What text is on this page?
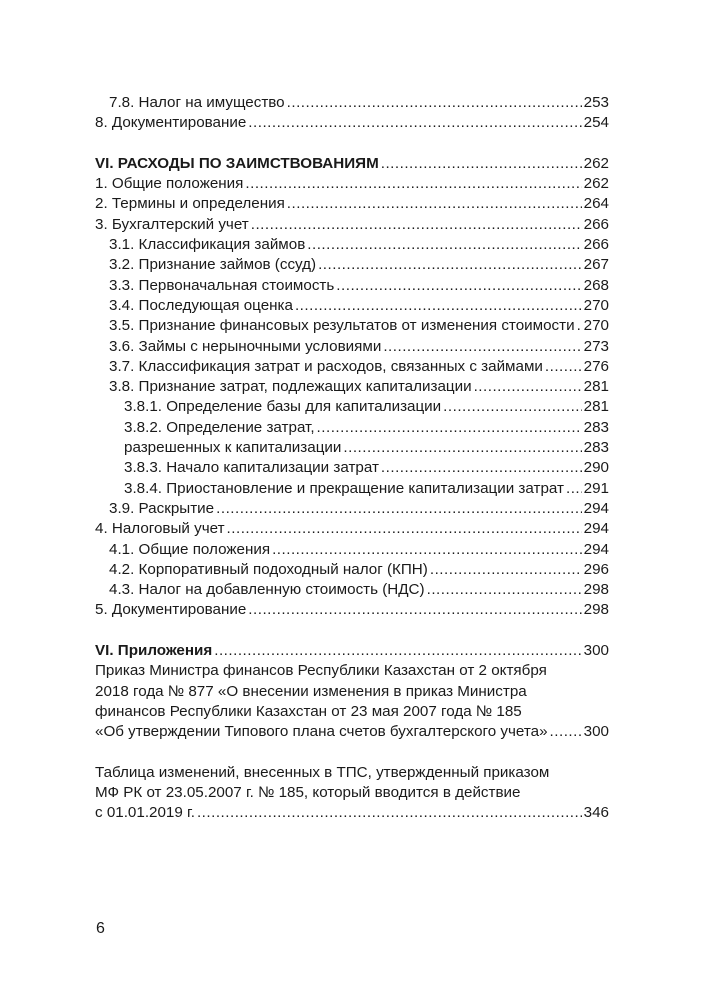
7.8. Налог на имущество .....	253
8. Документирование .....	254
VI. РАСХОДЫ ПО ЗАИМСТВОВАНИЯМ .....	262
1. Общие положения .....	262
2. Термины и определения .....	264
3. Бухгалтерский учет .....	266
3.1. Классификация займов .....	266
3.2. Признание займов (ссуд) .....	267
3.3. Первоначальная стоимость .....	268
3.4. Последующая оценка .....	270
3.5. Признание финансовых результатов от изменения стоимости ..... 270
3.6. Займы с нерыночными условиями .....	273
3.7. Классификация затрат и расходов, связанных с займами .....	276
3.8. Признание затрат, подлежащих капитализации .....	281
3.8.1. Определение базы для капитализации .....	281
3.8.2. Определение затрат, .....	283
разрешенных к капитализации .....	283
3.8.3. Начало капитализации затрат .....	290
3.8.4. Приостановление и прекращение капитализации затрат ..... 291
3.9. Раскрытие .....	294
4. Налоговый учет .....	294
4.1. Общие положения .....	294
4.2. Корпоративный подоходный налог (КПН) .....	296
4.3. Налог на добавленную стоимость (НДС) .....	298
5. Документирование .....	298
VI. Приложения .....	300
Приказ Министра финансов Республики Казахстан от 2 октября
2018 года № 877 «О внесении изменения в приказ Министра
финансов Республики Казахстан от 23 мая 2007 года № 185
«Об утверждении Типового плана счетов бухгалтерского учета» ..... 300
Таблица изменений, внесенных в ТПС, утвержденный приказом
МФ РК от 23.05.2007 г. № 185, который вводится в действие
с 01.01.2019 г. .....	346
6
